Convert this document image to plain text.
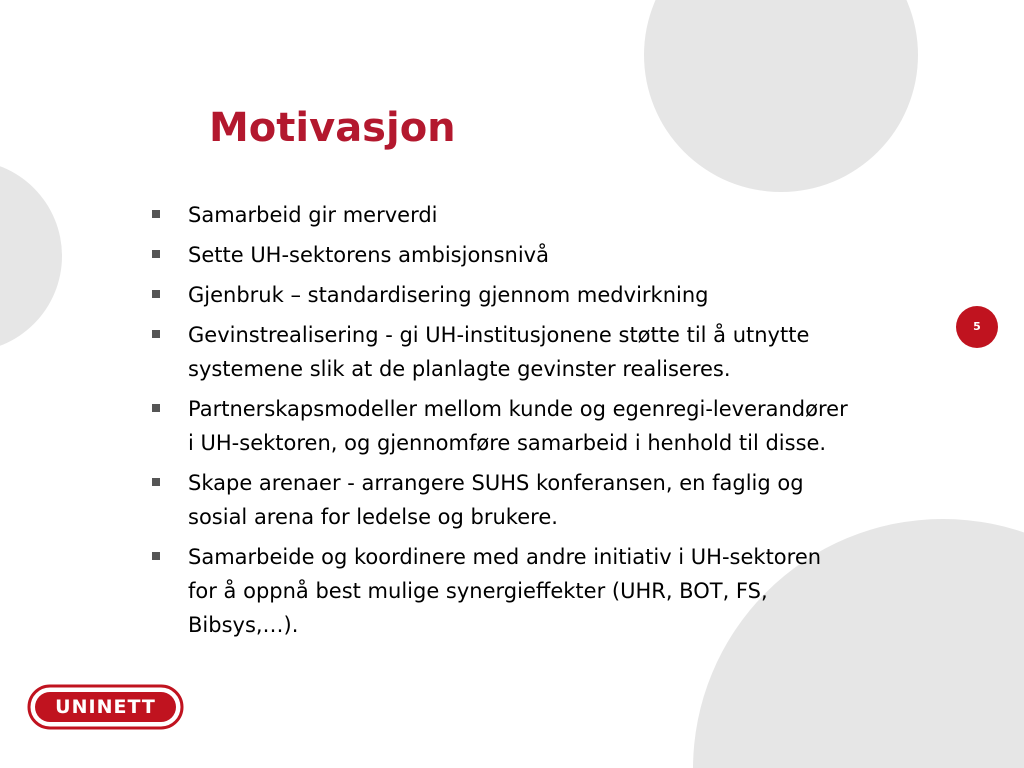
Motivasjon
Samarbeid gir merverdi
Sette UH-sektorens ambisjonsnivå
Gjenbruk – standardisering gjennom medvirkning
Gevinstrealisering - gi UH-institusjonene støtte til å utnytte systemene slik at de planlagte gevinster realiseres.
Partnerskapsmodeller mellom kunde og egenregi-leverandører i UH-sektoren, og gjennomføre samarbeid i henhold til disse.
Skape arenaer - arrangere SUHS konferansen, en faglig og sosial arena for ledelse og brukere.
Samarbeide og koordinere med andre initiativ i UH-sektoren for å oppnå best mulige synergieffekter (UHR, BOT, FS, Bibsys,…).
5
UNINETT
